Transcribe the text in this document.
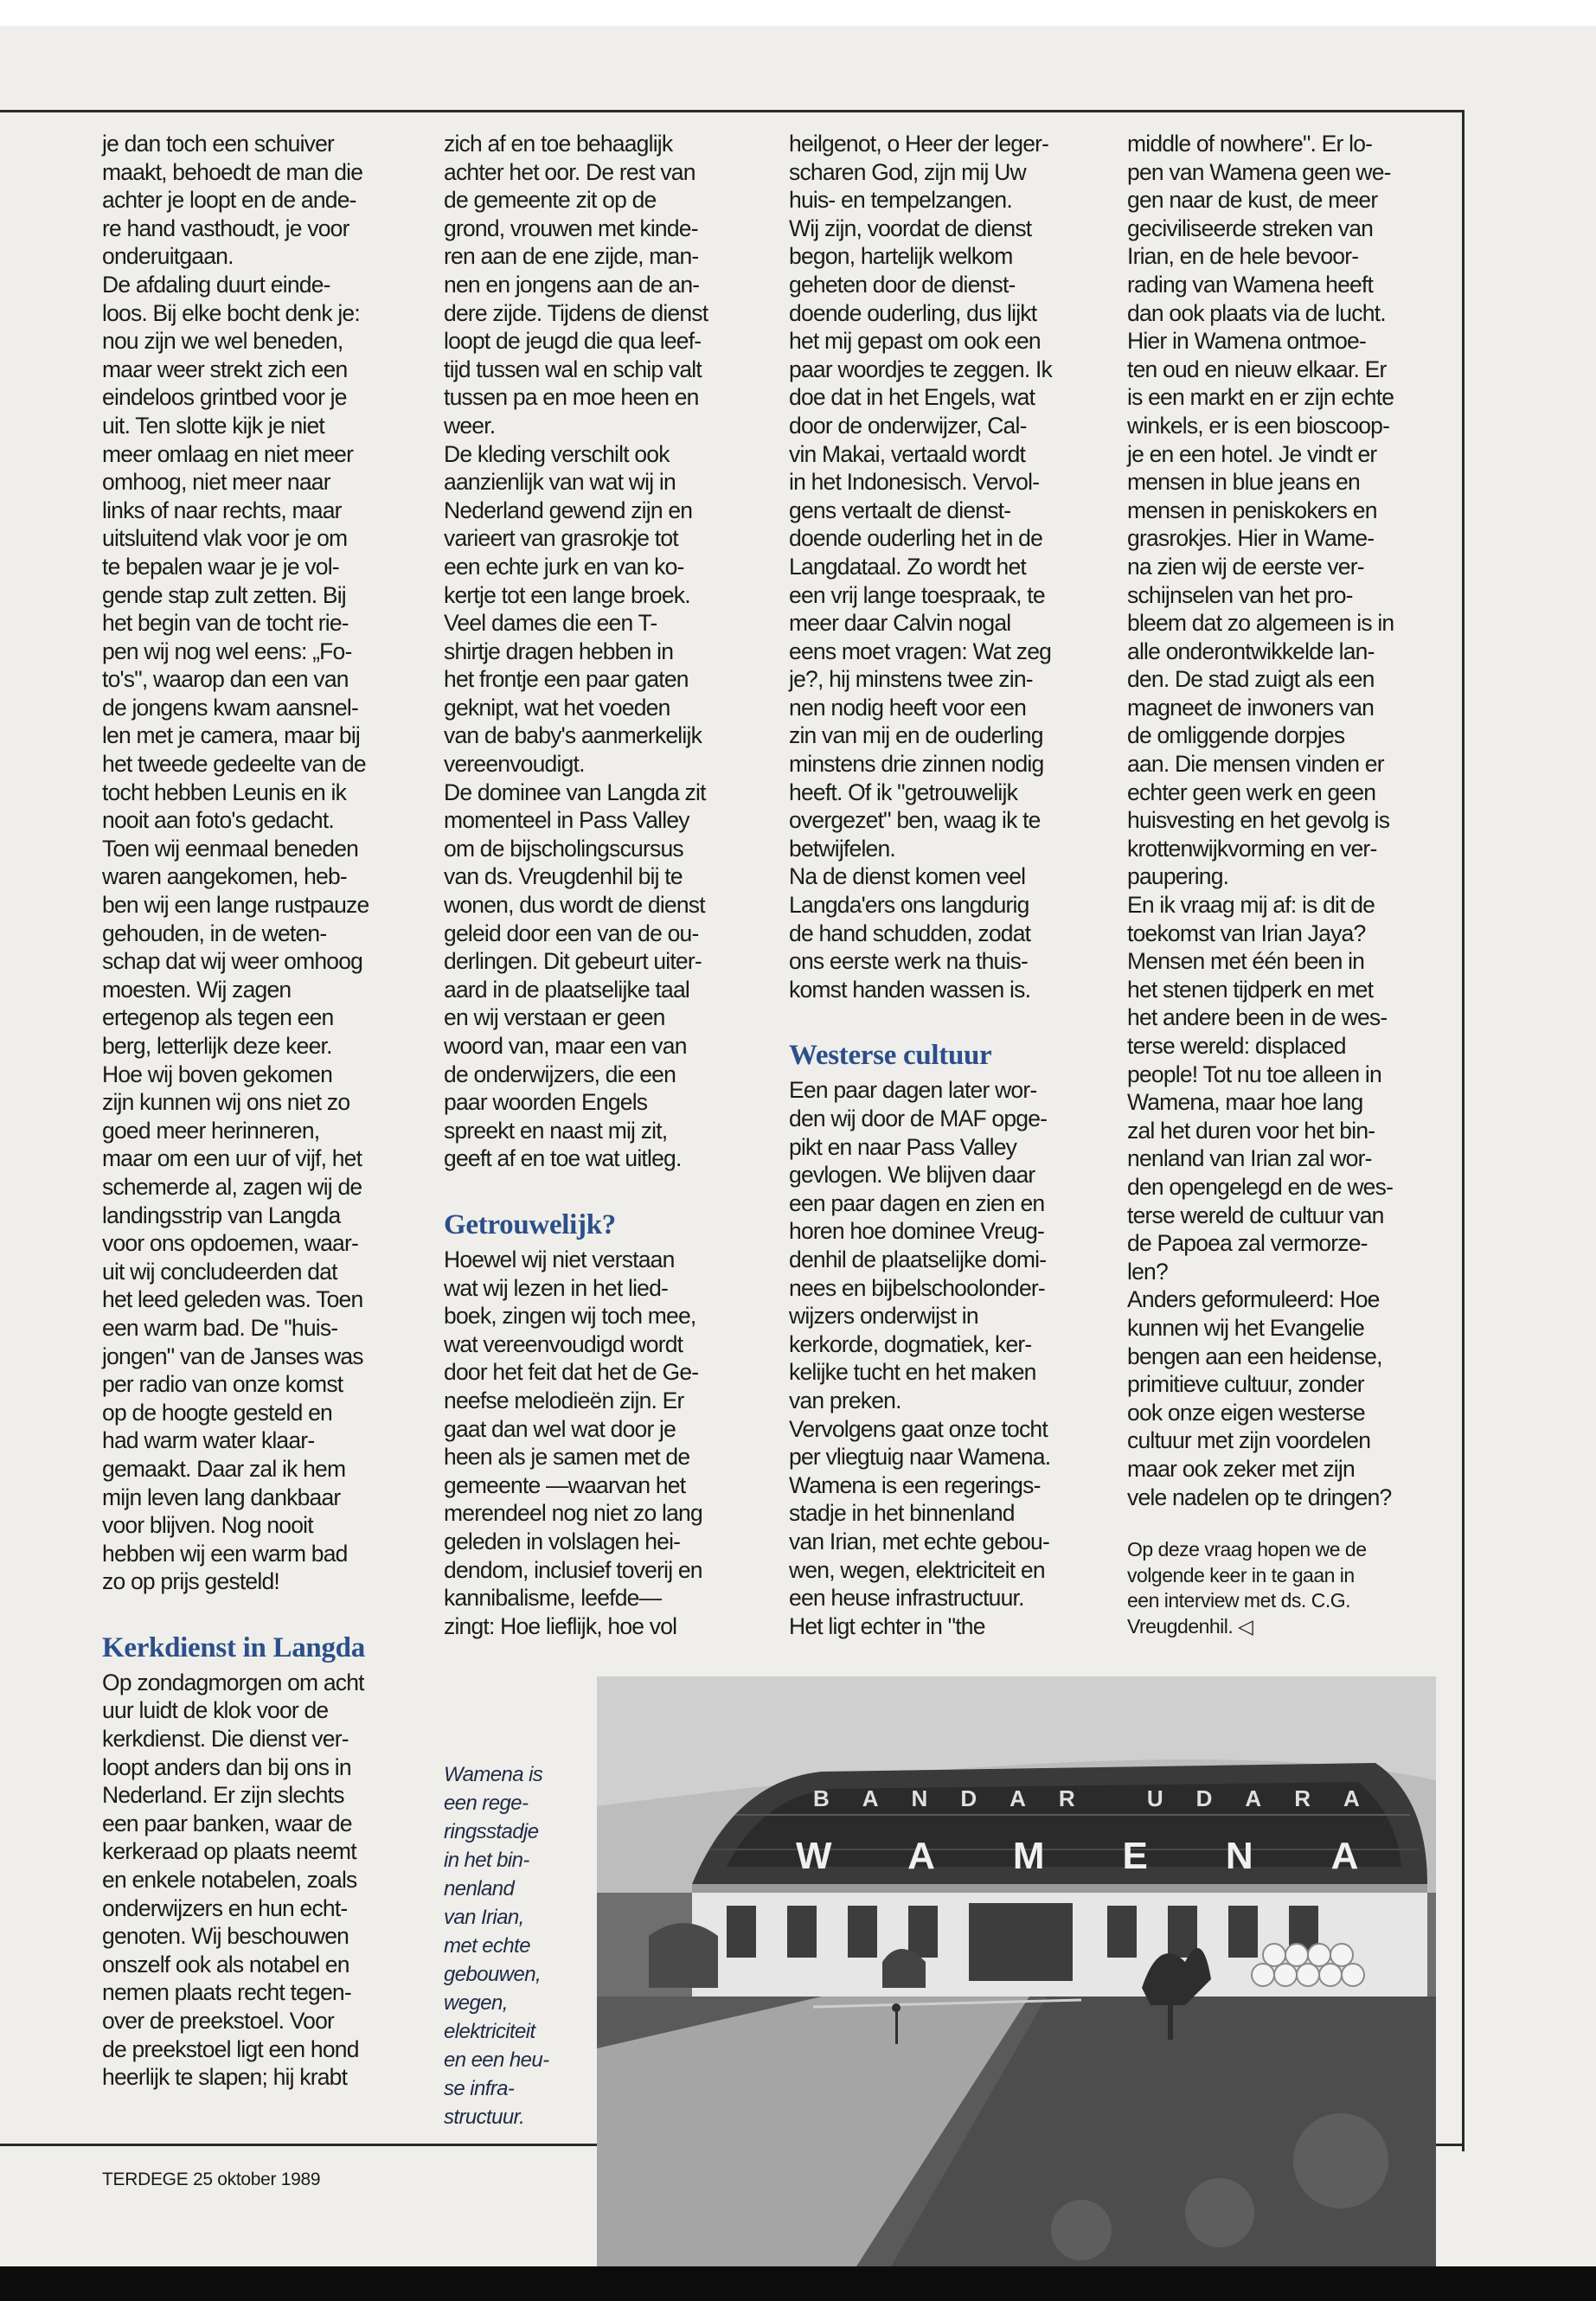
je dan toch een schuiver
maakt, behoedt de man die
achter je loopt en de ande-
re hand vasthoudt, je voor
onderuitgaan.
De afdaling duurt einde-
loos. Bij elke bocht denk je:
nou zijn we wel beneden,
maar weer strekt zich een
eindeloos grintbed voor je
uit. Ten slotte kijk je niet
meer omlaag en niet meer
omhoog, niet meer naar
links of naar rechts, maar
uitsluitend vlak voor je om
te bepalen waar je je vol-
gende stap zult zetten. Bij
het begin van de tocht rie-
pen wij nog wel eens: „Fo-
to's", waarop dan een van
de jongens kwam aansnel-
len met je camera, maar bij
het tweede gedeelte van de
tocht hebben Leunis en ik
nooit aan foto's gedacht.
Toen wij eenmaal beneden
waren aangekomen, heb-
ben wij een lange rustpauze
gehouden, in de weten-
schap dat wij weer omhoog
moesten. Wij zagen
ertegenop als tegen een
berg, letterlijk deze keer.
Hoe wij boven gekomen
zijn kunnen wij ons niet zo
goed meer herinneren,
maar om een uur of vijf, het
schemerde al, zagen wij de
landingsstrip van Langda
voor ons opdoemen, waar-
uit wij concludeerden dat
het leed geleden was. Toen
een warm bad. De "huis-
jongen" van de Janses was
per radio van onze komst
op de hoogte gesteld en
had warm water klaar-
gemaakt. Daar zal ik hem
mijn leven lang dankbaar
voor blijven. Nog nooit
hebben wij een warm bad
zo op prijs gesteld!

Kerkdienst in Langda

Op zondagmorgen om acht
uur luidt de klok voor de
kerkdienst. Die dienst ver-
loopt anders dan bij ons in
Nederland. Er zijn slechts
een paar banken, waar de
kerkeraad op plaats neemt
en enkele notabelen, zoals
onderwijzers en hun echt-
genoten. Wij beschouwen
onszelf ook als notabel en
nemen plaats recht tegen-
over de preekstoel. Voor
de preekstoel ligt een hond
heerlijk te slapen; hij krabt

zich af en toe behaaglijk
achter het oor. De rest van
de gemeente zit op de
grond, vrouwen met kinde-
ren aan de ene zijde, man-
nen en jongens aan de an-
dere zijde. Tijdens de dienst
loopt de jeugd die qua leef-
tijd tussen wal en schip valt
tussen pa en moe heen en
weer.
De kleding verschilt ook
aanzienlijk van wat wij in
Nederland gewend zijn en
varieert van grasrokje tot
een echte jurk en van ko-
kertje tot een lange broek.
Veel dames die een T-
shirtje dragen hebben in
het frontje een paar gaten
geknipt, wat het voeden
van de baby's aanmerkelijk
vereenvoudigt.
De dominee van Langda zit
momenteel in Pass Valley
om de bijscholingscursus
van ds. Vreugdenhil bij te
wonen, dus wordt de dienst
geleid door een van de ou-
derlingen. Dit gebeurt uiter-
aard in de plaatselijke taal
en wij verstaan er geen
woord van, maar een van
de onderwijzers, die een
paar woorden Engels
spreekt en naast mij zit,
geeft af en toe wat uitleg.

Getrouwelijk?

Hoewel wij niet verstaan
wat wij lezen in het lied-
boek, zingen wij toch mee,
wat vereenvoudigd wordt
door het feit dat het de Ge-
neefse melodieën zijn. Er
gaat dan wel wat door je
heen als je samen met de
gemeente —waarvan het
merendeel nog niet zo lang
geleden in volslagen hei-
dendom, inclusief toverij en
kannibalisme, leefde—
zingt: Hoe lieflijk, hoe vol

heilgenot, o Heer der leger-
scharen God, zijn mij Uw
huis- en tempelzangen.
Wij zijn, voordat de dienst
begon, hartelijk welkom
geheten door de dienst-
doende ouderling, dus lijkt
het mij gepast om ook een
paar woordjes te zeggen. Ik
doe dat in het Engels, wat
door de onderwijzer, Cal-
vin Makai, vertaald wordt
in het Indonesisch. Vervol-
gens vertaalt de dienst-
doende ouderling het in de
Langdataal. Zo wordt het
een vrij lange toespraak, te
meer daar Calvin nogal
eens moet vragen: Wat zeg
je?, hij minstens twee zin-
nen nodig heeft voor een
zin van mij en de ouderling
minstens drie zinnen nodig
heeft. Of ik "getrouwelijk
overgezet" ben, waag ik te
betwijfelen.
Na de dienst komen veel
Langda'ers ons langdurig
de hand schudden, zodat
ons eerste werk na thuis-
komst handen wassen is.

Westerse cultuur

Een paar dagen later wor-
den wij door de MAF opge-
pikt en naar Pass Valley
gevlogen. We blijven daar
een paar dagen en zien en
horen hoe dominee Vreug-
denhil de plaatselijke domi-
nees en bijbelschoolonder-
wijzers onderwijst in
kerkorde, dogmatiek, ker-
kelijke tucht en het maken
van preken.
Vervolgens gaat onze tocht
per vliegtuig naar Wamena.
Wamena is een regerings-
stadje in het binnenland
van Irian, met echte gebou-
wen, wegen, elektriciteit en
een heuse infrastructuur.
Het ligt echter in "the

middle of nowhere". Er lo-
pen van Wamena geen we-
gen naar de kust, de meer
geciviliseerde streken van
Irian, en de hele bevoor-
rading van Wamena heeft
dan ook plaats via de lucht.
Hier in Wamena ontmoe-
ten oud en nieuw elkaar. Er
is een markt en er zijn echte
winkels, er is een bioscoop-
je en een hotel. Je vindt er
mensen in blue jeans en
mensen in peniskokers en
grasrokjes. Hier in Wame-
na zien wij de eerste ver-
schijnselen van het pro-
bleem dat zo algemeen is in
alle onderontwikkelde lan-
den. De stad zuigt als een
magneet de inwoners van
de omliggende dorpjes
aan. Die mensen vinden er
echter geen werk en geen
huisvesting en het gevolg is
krottenwijkvorming en ver-
paupering.
En ik vraag mij af: is dit de
toekomst van Irian Jaya?
Mensen met één been in
het stenen tijdperk en met
het andere been in de wes-
terse wereld: displaced
people! Tot nu toe alleen in
Wamena, maar hoe lang
zal het duren voor het bin-
nenland van Irian zal wor-
den opengelegd en de wes-
terse wereld de cultuur van
de Papoea zal vermorze-
len?
Anders geformuleerd: Hoe
kunnen wij het Evangelie
bengen aan een heidense,
primitieve cultuur, zonder
ook onze eigen westerse
cultuur met zijn voordelen
maar ook zeker met zijn
vele nadelen op te dringen?

Op deze vraag hopen we de
volgende keer in te gaan in
een interview met ds. C.G.
Vreugdenhil. ◁

Wamena is
een rege-
ringsstadje
in het bin-
nenland
van Irian,
met echte
gebouwen,
wegen,
elektriciteit
en een heu-
se infra-
structuur.

BANDAR UDARA
WAMENA

TERDEGE 25 oktober 1989
